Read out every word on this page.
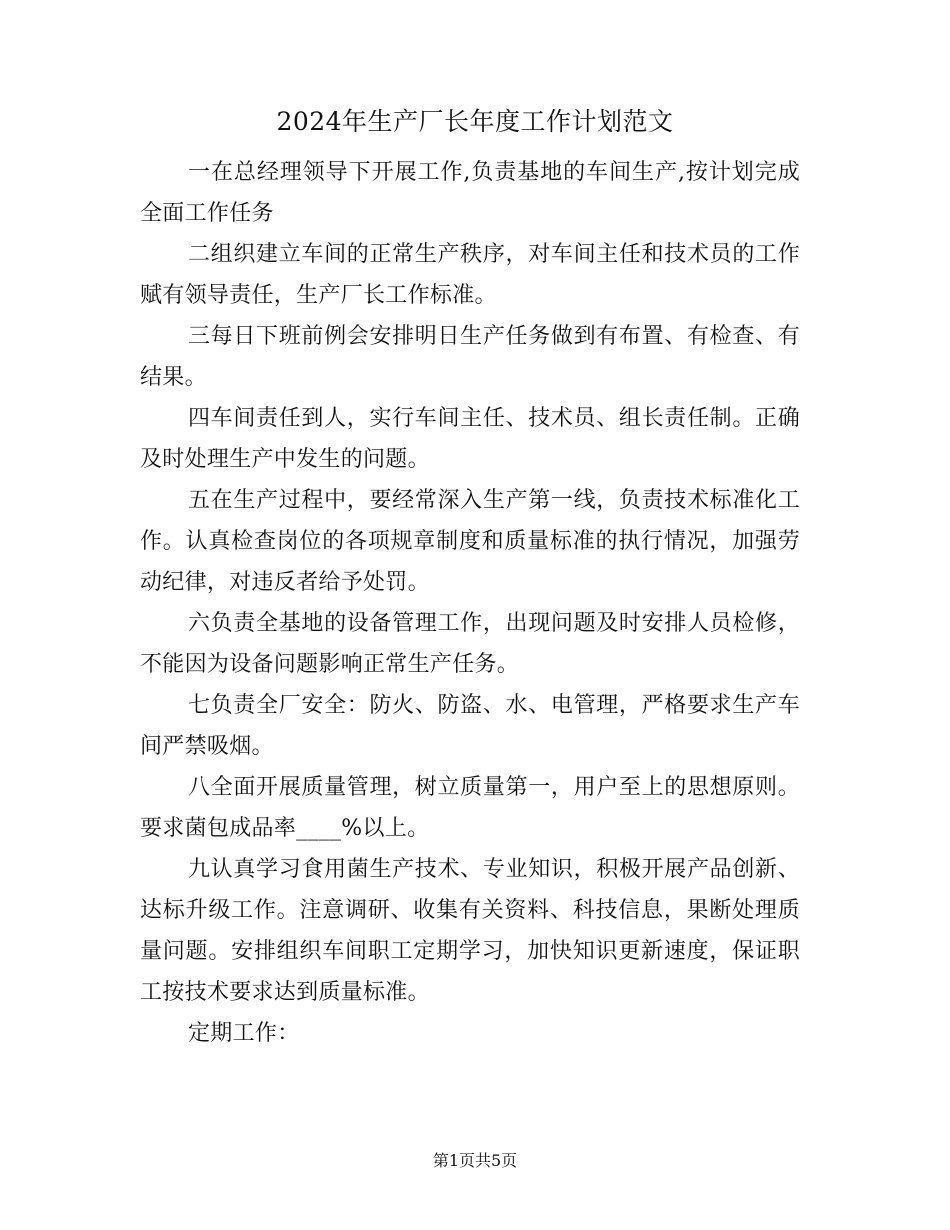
2024年生产厂长年度工作计划范文

一在总经理领导下开展工作,负责基地的车间生产,按计划完成全面工作任务

二组织建立车间的正常生产秩序，对车间主任和技术员的工作赋有领导责任，生产厂长工作标准。

三每日下班前例会安排明日生产任务做到有布置、有检查、有结果。

四车间责任到人，实行车间主任、技术员、组长责任制。正确及时处理生产中发生的问题。

五在生产过程中，要经常深入生产第一线，负责技术标准化工作。认真检查岗位的各项规章制度和质量标准的执行情况，加强劳动纪律，对违反者给予处罚。

六负责全基地的设备管理工作，出现问题及时安排人员检修，不能因为设备问题影响正常生产任务。

七负责全厂安全：防火、防盗、水、电管理，严格要求生产车间严禁吸烟。

八全面开展质量管理，树立质量第一，用户至上的思想原则。要求菌包成品率____%以上。

九认真学习食用菌生产技术、专业知识，积极开展产品创新、达标升级工作。注意调研、收集有关资料、科技信息，果断处理质量问题。安排组织车间职工定期学习，加快知识更新速度，保证职工按技术要求达到质量标准。

定期工作：

第1页共5页
